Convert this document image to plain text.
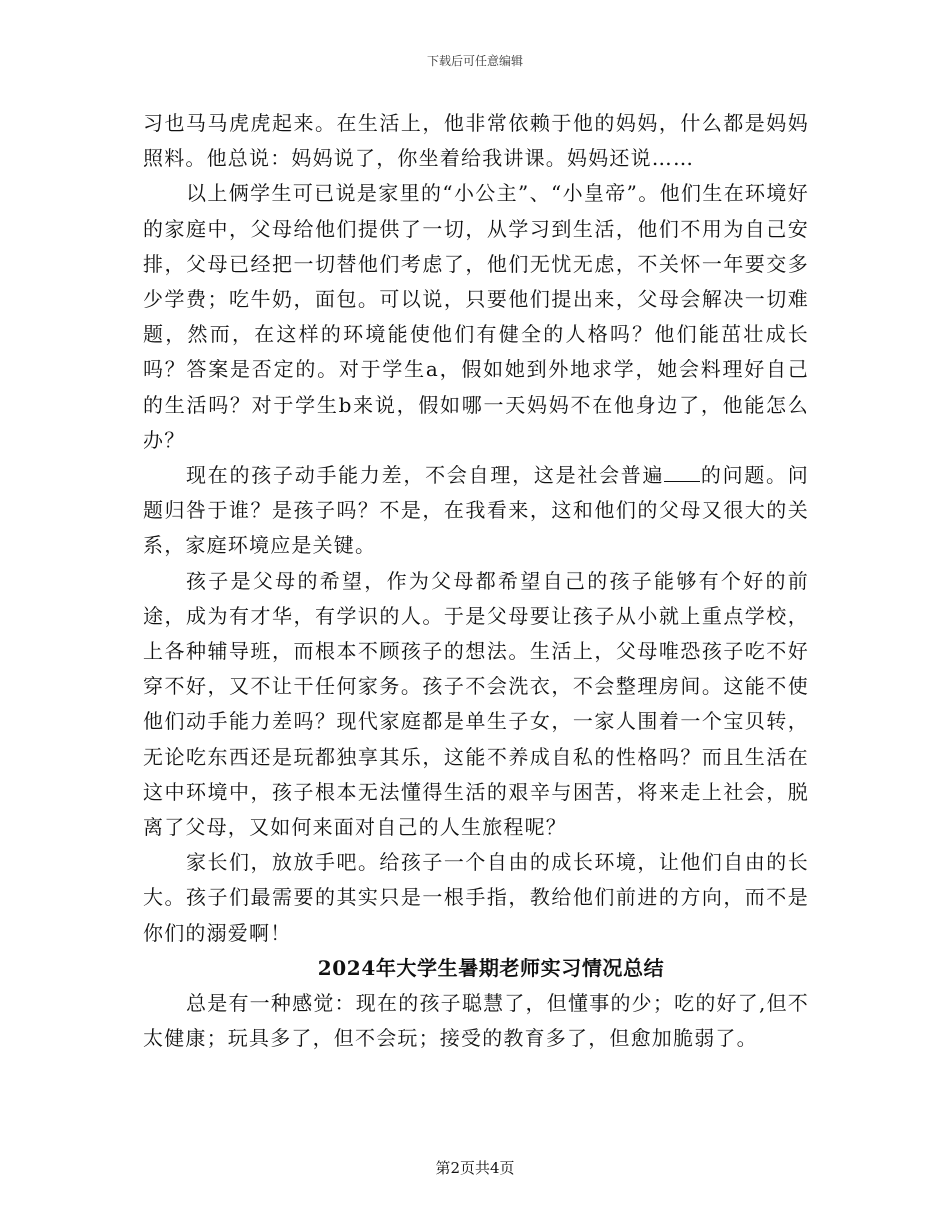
下载后可任意编辑

习也马马虎虎起来。在生活上，他非常依赖于他的妈妈，什么都是妈妈照料。他总说：妈妈说了，你坐着给我讲课。妈妈还说……

以上俩学生可已说是家里的“小公主”、“小皇帝”。他们生在环境好的家庭中，父母给他们提供了一切，从学习到生活，他们不用为自己安排，父母已经把一切替他们考虑了，他们无忧无虑，不关怀一年要交多少学费；吃牛奶，面包。可以说，只要他们提出来，父母会解决一切难题，然而，在这样的环境能使他们有健全的人格吗？他们能茁壮成长吗？答案是否定的。对于学生a，假如她到外地求学，她会料理好自己的生活吗？对于学生b来说，假如哪一天妈妈不在他身边了，他能怎么办？

现在的孩子动手能力差，不会自理，这是社会普遍 的问题。问题归咎于谁？是孩子吗？不是，在我看来，这和他们的父母又很大的关系，家庭环境应是关键。

孩子是父母的希望，作为父母都希望自己的孩子能够有个好的前途，成为有才华，有学识的人。于是父母要让孩子从小就上重点学校，上各种辅导班，而根本不顾孩子的想法。生活上，父母唯恐孩子吃不好穿不好，又不让干任何家务。孩子不会洗衣，不会整理房间。这能不使他们动手能力差吗？现代家庭都是单生子女，一家人围着一个宝贝转，无论吃东西还是玩都独享其乐，这能不养成自私的性格吗？而且生活在这中环境中，孩子根本无法懂得生活的艰辛与困苦，将来走上社会，脱离了父母，又如何来面对自己的人生旅程呢？

家长们，放放手吧。给孩子一个自由的成长环境，让他们自由的长大。孩子们最需要的其实只是一根手指，教给他们前进的方向，而不是你们的溺爱啊！

2024年大学生暑期老师实习情况总结

总是有一种感觉：现在的孩子聪慧了，但懂事的少；吃的好了,但不太健康；玩具多了，但不会玩；接受的教育多了，但愈加脆弱了。

第2页共4页
